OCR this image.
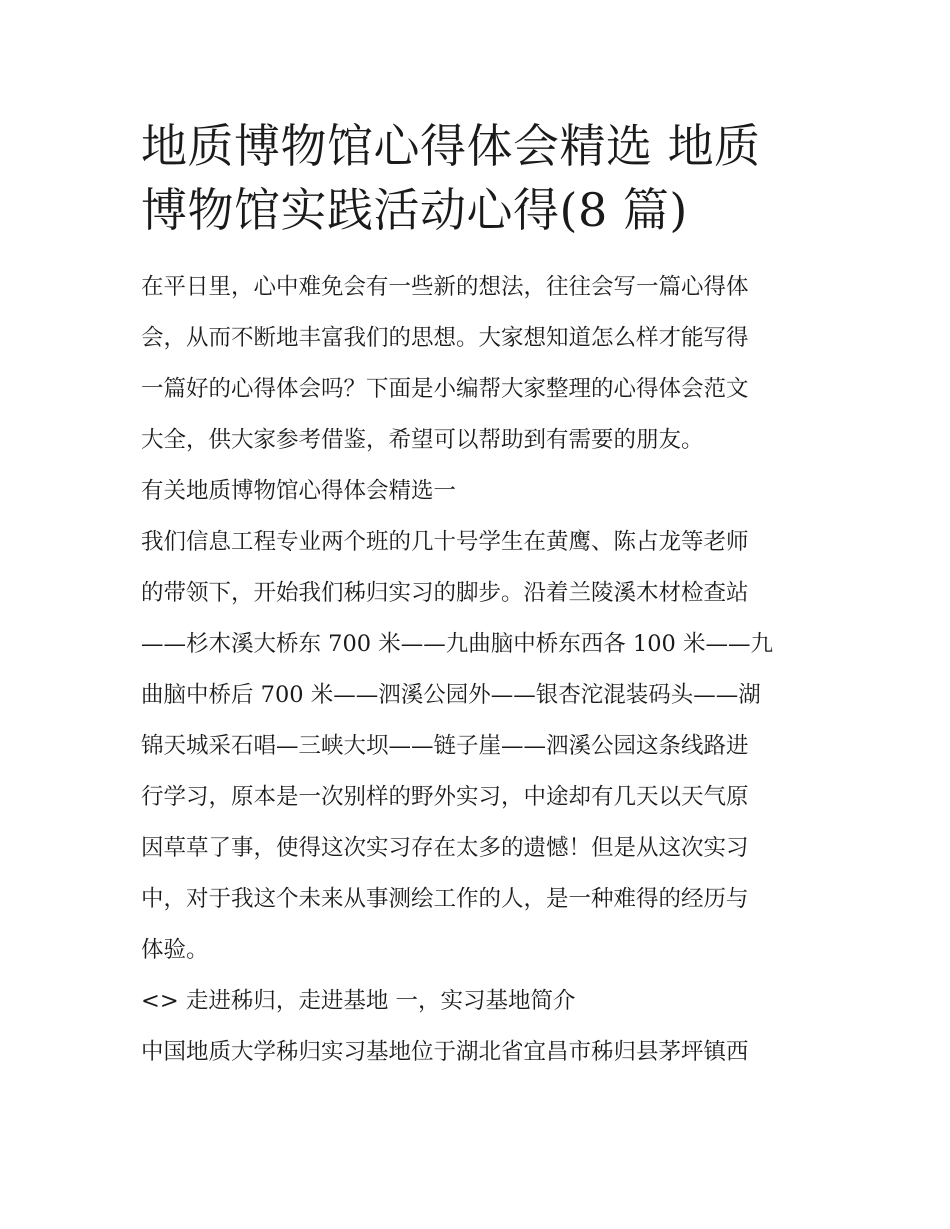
地质博物馆心得体会精选 地质
博物馆实践活动心得(8 篇)

在平日里，心中难免会有一些新的想法，往往会写一篇心得体
会，从而不断地丰富我们的思想。大家想知道怎么样才能写得
一篇好的心得体会吗？下面是小编帮大家整理的心得体会范文
大全，供大家参考借鉴，希望可以帮助到有需要的朋友。

有关地质博物馆心得体会精选一

我们信息工程专业两个班的几十号学生在黄鹰、陈占龙等老师
的带领下，开始我们秭归实习的脚步。沿着兰陵溪木材检查站
——杉木溪大桥东 700 米——九曲脑中桥东西各 100 米——九
曲脑中桥后 700 米——泗溪公园外——银杏沱混装码头——湖
锦天城采石唱—三峡大坝——链子崖——泗溪公园这条线路进
行学习，原本是一次别样的野外实习，中途却有几天以天气原
因草草了事，使得这次实习存在太多的遗憾！但是从这次实习
中，对于我这个未来从事测绘工作的人，是一种难得的经历与
体验。

<> 走进秭归，走进基地 一，实习基地简介

中国地质大学秭归实习基地位于湖北省宜昌市秭归县茅坪镇西
